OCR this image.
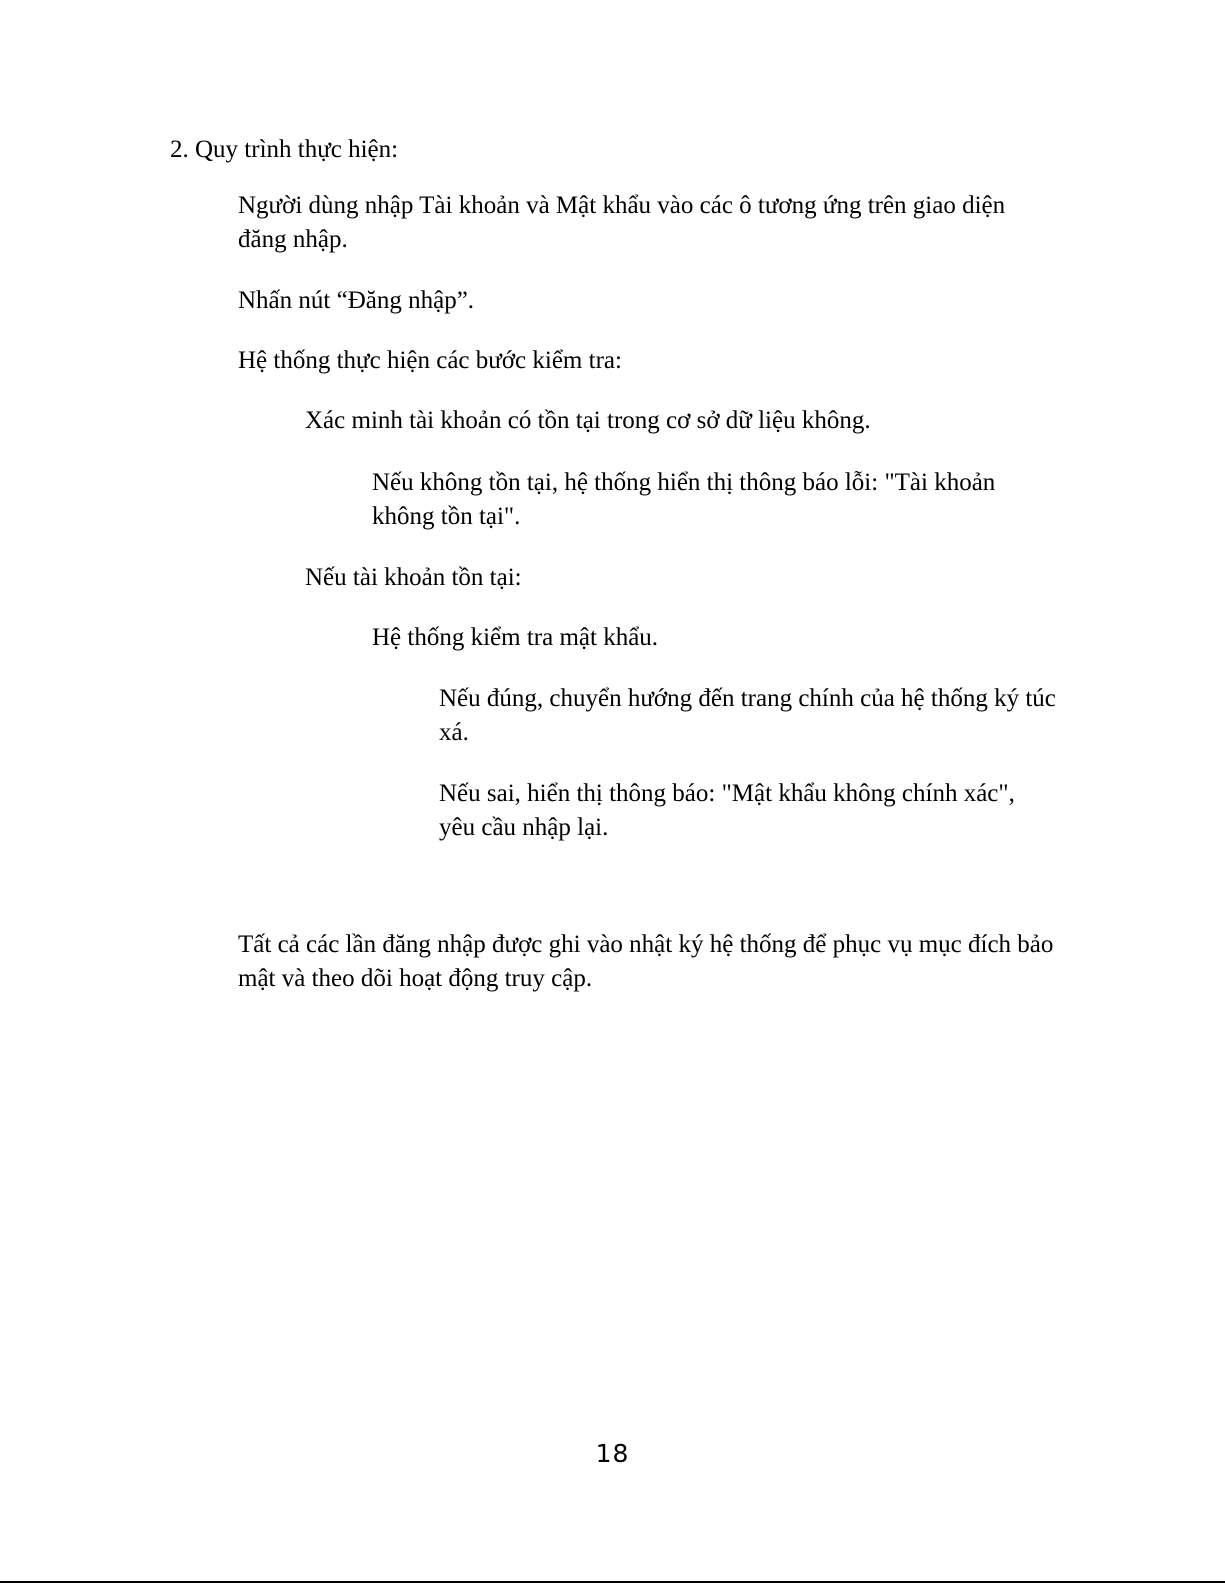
2. Quy trình thực hiện:
Người dùng nhập Tài khoản và Mật khẩu vào các ô tương ứng trên giao diện đăng nhập.
Nhấn nút “Đăng nhập”.
Hệ thống thực hiện các bước kiểm tra:
Xác minh tài khoản có tồn tại trong cơ sở dữ liệu không.
Nếu không tồn tại, hệ thống hiển thị thông báo lỗi: "Tài khoản không tồn tại".
Nếu tài khoản tồn tại:
Hệ thống kiểm tra mật khẩu.
Nếu đúng, chuyển hướng đến trang chính của hệ thống ký túc xá.
Nếu sai, hiển thị thông báo: "Mật khẩu không chính xác", yêu cầu nhập lại.
Tất cả các lần đăng nhập được ghi vào nhật ký hệ thống để phục vụ mục đích bảo mật và theo dõi hoạt động truy cập.
18
